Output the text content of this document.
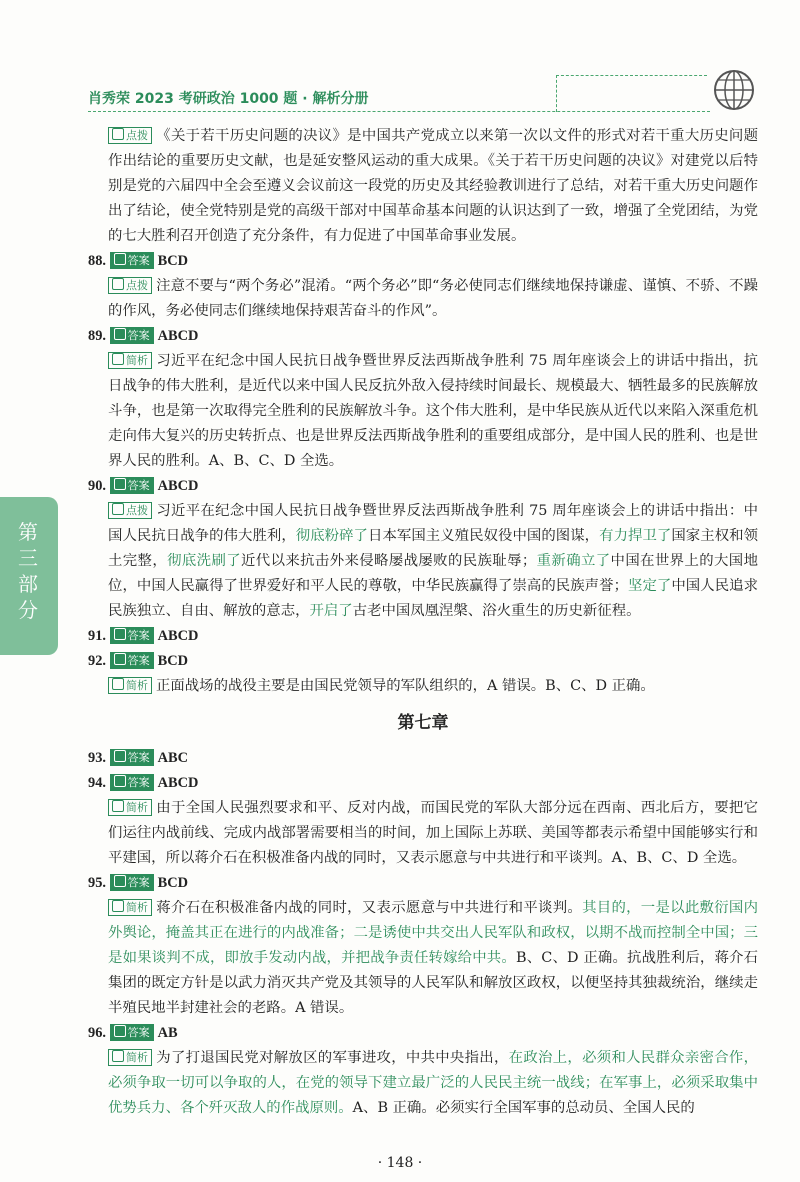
肖秀荣 2023 考研政治 1000 题 · 解析分册
第三部分

点拨 《关于若干历史问题的决议》是中国共产党成立以来第一次以文件的形式对若干重大历史问题作出结论的重要历史文献，也是延安整风运动的重大成果。《关于若干历史问题的决议》对建党以后特别是党的六届四中全会至遵义会议前这一段党的历史及其经验教训进行了总结，对若干重大历史问题作出了结论，使全党特别是党的高级干部对中国革命基本问题的认识达到了一致，增强了全党团结，为党的七大胜利召开创造了充分条件，有力促进了中国革命事业发展。

88. 答案 BCD

点拨 注意不要与“两个务必”混淆。“两个务必”即“务必使同志们继续地保持谦虚、谨慎、不骄、不躁的作风，务必使同志们继续地保持艰苦奋斗的作风”。

89. 答案 ABCD

简析 习近平在纪念中国人民抗日战争暨世界反法西斯战争胜利 75 周年座谈会上的讲话中指出，抗日战争的伟大胜利，是近代以来中国人民反抗外敌入侵持续时间最长、规模最大、牺牲最多的民族解放斗争，也是第一次取得完全胜利的民族解放斗争。这个伟大胜利，是中华民族从近代以来陷入深重危机走向伟大复兴的历史转折点、也是世界反法西斯战争胜利的重要组成部分，是中国人民的胜利、也是世界人民的胜利。A、B、C、D 全选。

90. 答案 ABCD

点拨 习近平在纪念中国人民抗日战争暨世界反法西斯战争胜利 75 周年座谈会上的讲话中指出：中国人民抗日战争的伟大胜利，彻底粉碎了日本军国主义殖民奴役中国的图谋，有力捍卫了国家主权和领土完整，彻底洗刷了近代以来抗击外来侵略屡战屡败的民族耻辱；重新确立了中国在世界上的大国地位，中国人民赢得了世界爱好和平人民的尊敬，中华民族赢得了崇高的民族声誉；坚定了中国人民追求民族独立、自由、解放的意志，开启了古老中国凤凰涅槃、浴火重生的历史新征程。

91. 答案 ABCD

92. 答案 BCD

简析 正面战场的战役主要是由国民党领导的军队组织的，A 错误。B、C、D 正确。

第七章

93. 答案 ABC

94. 答案 ABCD

简析 由于全国人民强烈要求和平、反对内战，而国民党的军队大部分远在西南、西北后方，要把它们运往内战前线、完成内战部署需要相当的时间，加上国际上苏联、美国等都表示希望中国能够实行和平建国，所以蒋介石在积极准备内战的同时，又表示愿意与中共进行和平谈判。A、B、C、D 全选。

95. 答案 BCD

简析 蒋介石在积极准备内战的同时，又表示愿意与中共进行和平谈判。其目的，一是以此敷衍国内外舆论，掩盖其正在进行的内战准备；二是诱使中共交出人民军队和政权，以期不战而控制全中国；三是如果谈判不成，即放手发动内战，并把战争责任转嫁给中共。B、C、D 正确。抗战胜利后，蒋介石集团的既定方针是以武力消灭共产党及其领导的人民军队和解放区政权，以便坚持其独裁统治，继续走半殖民地半封建社会的老路。A 错误。

96. 答案 AB

简析 为了打退国民党对解放区的军事进攻，中共中央指出，在政治上，必须和人民群众亲密合作，必须争取一切可以争取的人，在党的领导下建立最广泛的人民民主统一战线；在军事上，必须采取集中优势兵力、各个歼灭敌人的作战原则。A、B 正确。必须实行全国军事的总动员、全国人民的

· 148 ·
